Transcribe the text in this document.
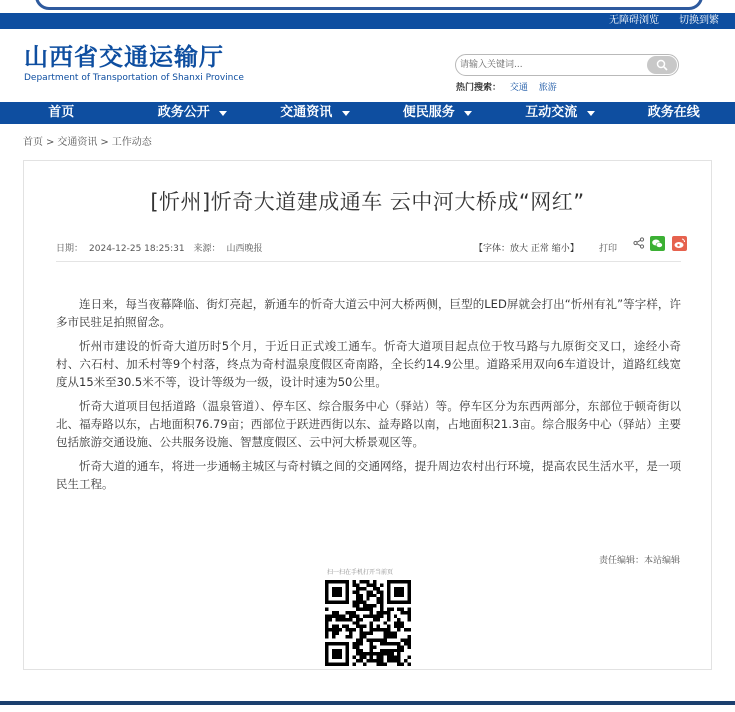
无障碍浏览 切换到繁
山西省交通运输厅
Department of Transportation of Shanxi Province
请输入关键词...
热门搜索： 交通 旅游
首页	政务公开	交通资讯	便民服务	互动交流	政务在线
首页 > 交通资讯 > 工作动态
[忻州]忻奇大道建成通车 云中河大桥成“网红”
日期： 2024-12-25 18:25:31 来源： 山西晚报	【字体：放大 正常 缩小】 打印

连日来，每当夜幕降临、街灯亮起，新通车的忻奇大道云中河大桥两侧，巨型的LED屏就会打出“忻州有礼”等字样，许多市民驻足拍照留念。

忻州市建设的忻奇大道历时5个月，于近日正式竣工通车。忻奇大道项目起点位于牧马路与九原街交叉口，途经小奇村、六石村、加禾村等9个村落，终点为奇村温泉度假区奇南路，全长约14.9公里。道路采用双向6车道设计，道路红线宽度从15米至30.5米不等，设计等级为一级，设计时速为50公里。

忻奇大道项目包括道路（温泉管道）、停车区、综合服务中心（驿站）等。停车区分为东西两部分，东部位于顿奇街以北、福寿路以东，占地面积76.79亩；西部位于跃进西街以东、益寿路以南，占地面积21.3亩。综合服务中心（驿站）主要包括旅游交通设施、公共服务设施、智慧度假区、云中河大桥景观区等。

忻奇大道的通车，将进一步通畅主城区与奇村镇之间的交通网络，提升周边农村出行环境，提高农民生活水平，是一项民生工程。

责任编辑：本站编辑
扫一扫在手机打开当前页
